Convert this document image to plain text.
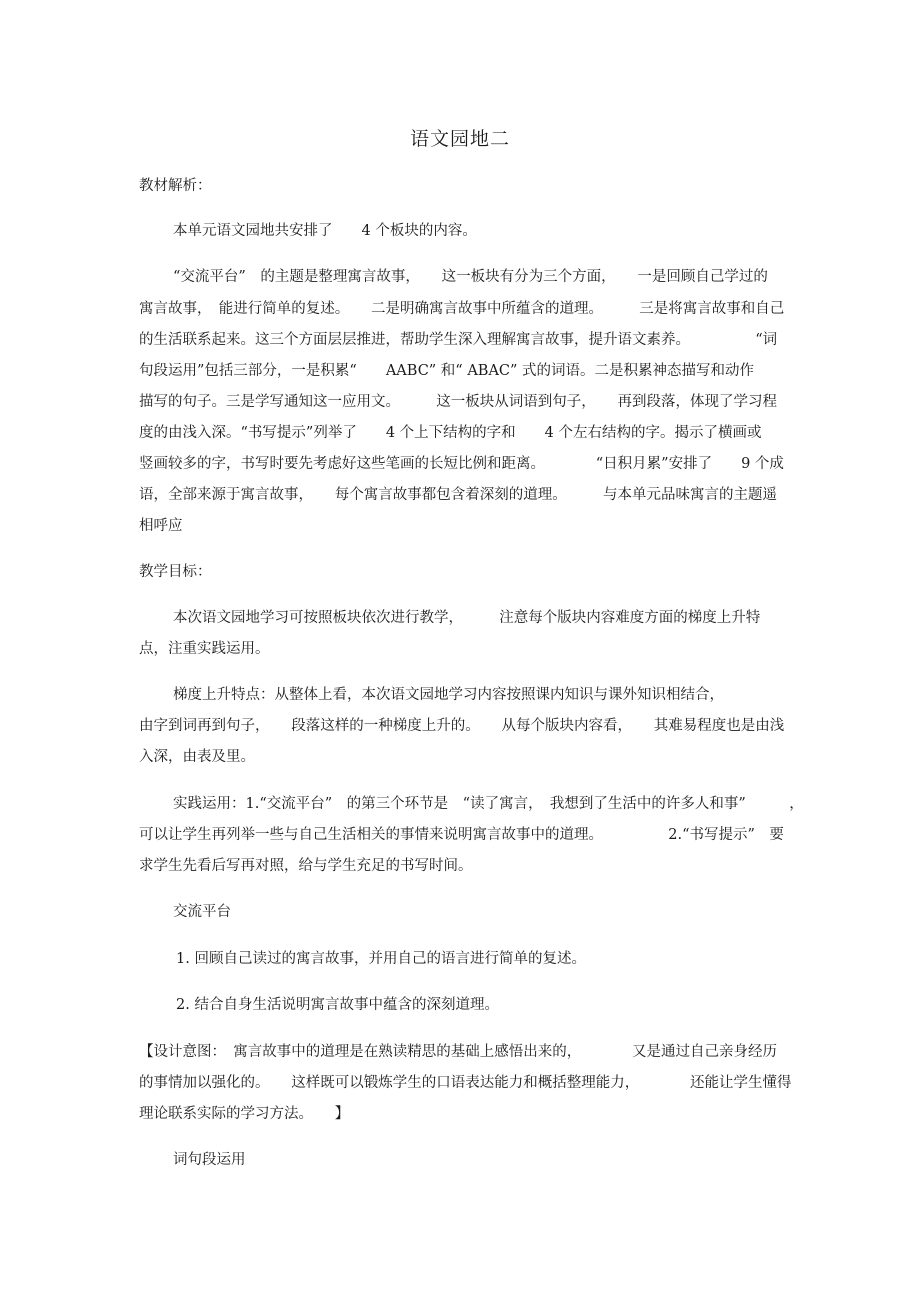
语文园地二
教材解析：
本单元语文园地共安排了　　4 个板块的内容。
“交流平台”　的主题是整理寓言故事，　　这一板块有分为三个方面，　　一是回顾自己学过的
寓言故事，　能进行简单的复述。　　二是明确寓言故事中所蕴含的道理。　　　三是将寓言故事和自己
的生活联系起来。这三个方面层层推进，帮助学生深入理解寓言故事，提升语文素养。　　　　　“词
句段运用”包括三部分，一是积累“　　AABC” 和“ ABAC” 式的词语。二是积累神态描写和动作
描写的句子。三是学写通知这一应用文。　　　这一板块从词语到句子，　　再到段落，体现了学习程
度的由浅入深。“书写提示”列举了　　4 个上下结构的字和　　4 个左右结构的字。揭示了横画或
竖画较多的字，书写时要先考虑好这些笔画的长短比例和距离。　　　　“日积月累”安排了　　9 个成
语，全部来源于寓言故事，　　每个寓言故事都包含着深刻的道理。　　　与本单元品味寓言的主题遥
相呼应
教学目标：
本次语文园地学习可按照板块依次进行教学，　　　注意每个版块内容难度方面的梯度上升特
点，注重实践运用。
梯度上升特点：从整体上看，本次语文园地学习内容按照课内知识与课外知识相结合，
由字到词再到句子，　　段落这样的一种梯度上升的。　　从每个版块内容看，　　其难易程度也是由浅
入深，由表及里。
实践运用：1.“交流平台”　的第三个环节是　“读了寓言，　我想到了生活中的许多人和事”　　　，
可以让学生再列举一些与自己生活相关的事情来说明寓言故事中的道理。　　　　　2.“书写提示”　要
求学生先看后写再对照，给与学生充足的书写时间。
交流平台
1. 回顾自己读过的寓言故事，并用自己的语言进行简单的复述。
2. 结合自身生活说明寓言故事中蕴含的深刻道理。
【设计意图：　寓言故事中的道理是在熟读精思的基础上感悟出来的，　　　　又是通过自己亲身经历
的事情加以强化的。　　这样既可以锻炼学生的口语表达能力和概括整理能力，　　　　还能让学生懂得
理论联系实际的学习方法。　　】
词句段运用
